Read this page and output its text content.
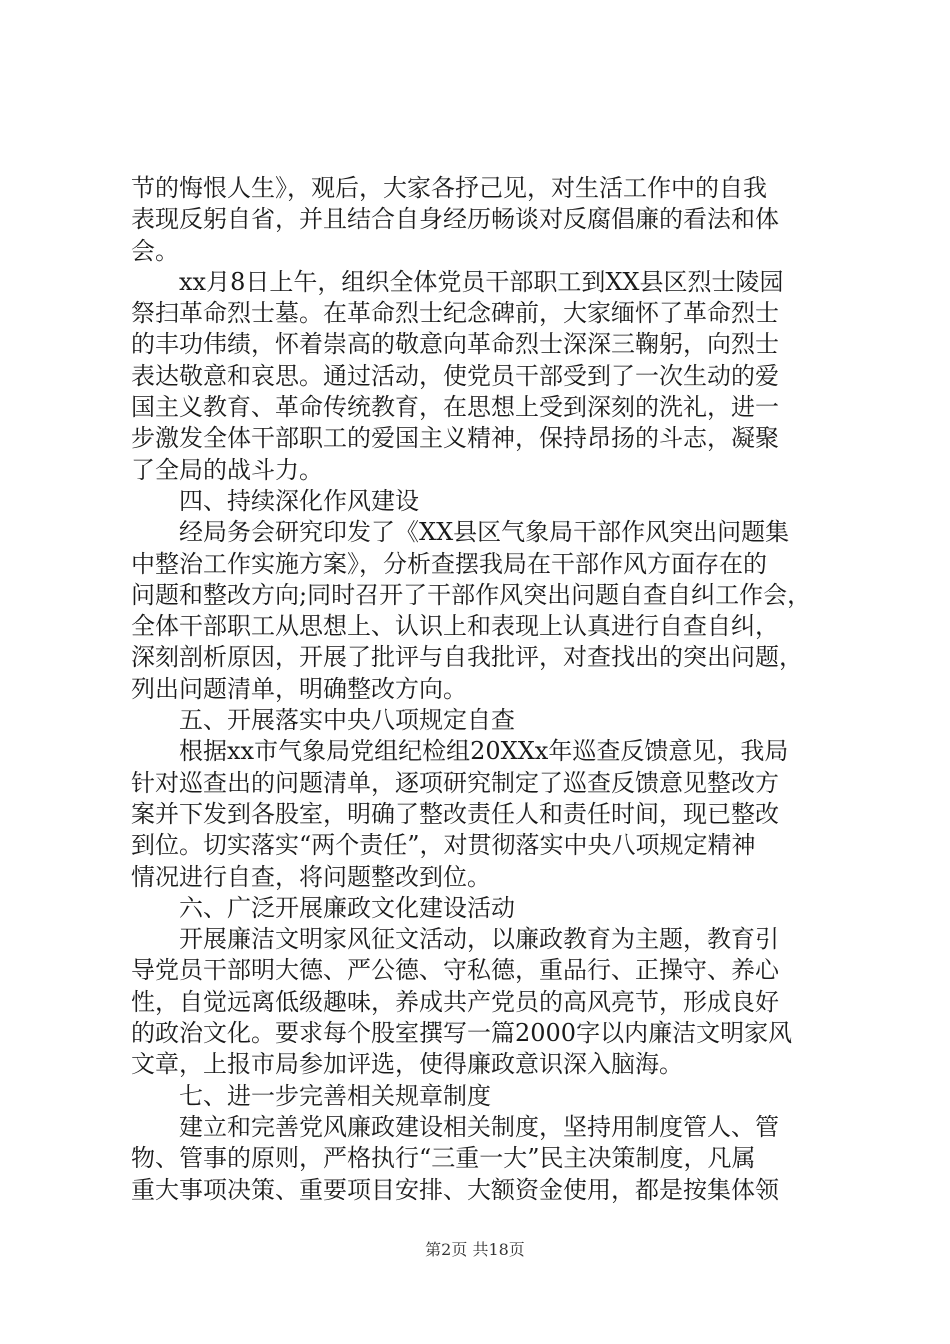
节的悔恨人生》，观后，大家各抒己见，对生活工作中的自我
表现反躬自省，并且结合自身经历畅谈对反腐倡廉的看法和体
会。
xx月8日上午，组织全体党员干部职工到XX县区烈士陵园
祭扫革命烈士墓。在革命烈士纪念碑前，大家缅怀了革命烈士
的丰功伟绩，怀着崇高的敬意向革命烈士深深三鞠躬，向烈士
表达敬意和哀思。通过活动，使党员干部受到了一次生动的爱
国主义教育、革命传统教育，在思想上受到深刻的洗礼，进一
步激发全体干部职工的爱国主义精神，保持昂扬的斗志，凝聚
了全局的战斗力。
四、持续深化作风建设
经局务会研究印发了《XX县区气象局干部作风突出问题集
中整治工作实施方案》，分析查摆我局在干部作风方面存在的
问题和整改方向;同时召开了干部作风突出问题自查自纠工作会，
全体干部职工从思想上、认识上和表现上认真进行自查自纠，
深刻剖析原因，开展了批评与自我批评，对查找出的突出问题，
列出问题清单，明确整改方向。
五、开展落实中央八项规定自查
根据xx市气象局党组纪检组20XXx年巡查反馈意见，我局
针对巡查出的问题清单，逐项研究制定了巡查反馈意见整改方
案并下发到各股室，明确了整改责任人和责任时间，现已整改
到位。切实落实“两个责任”，对贯彻落实中央八项规定精神
情况进行自查，将问题整改到位。
六、广泛开展廉政文化建设活动
开展廉洁文明家风征文活动，以廉政教育为主题，教育引
导党员干部明大德、严公德、守私德，重品行、正操守、养心
性，自觉远离低级趣味，养成共产党员的高风亮节，形成良好
的政治文化。要求每个股室撰写一篇2000字以内廉洁文明家风
文章，上报市局参加评选，使得廉政意识深入脑海。
七、进一步完善相关规章制度
建立和完善党风廉政建设相关制度，坚持用制度管人、管
物、管事的原则，严格执行“三重一大”民主决策制度，凡属
重大事项决策、重要项目安排、大额资金使用，都是按集体领
第2页 共18页
